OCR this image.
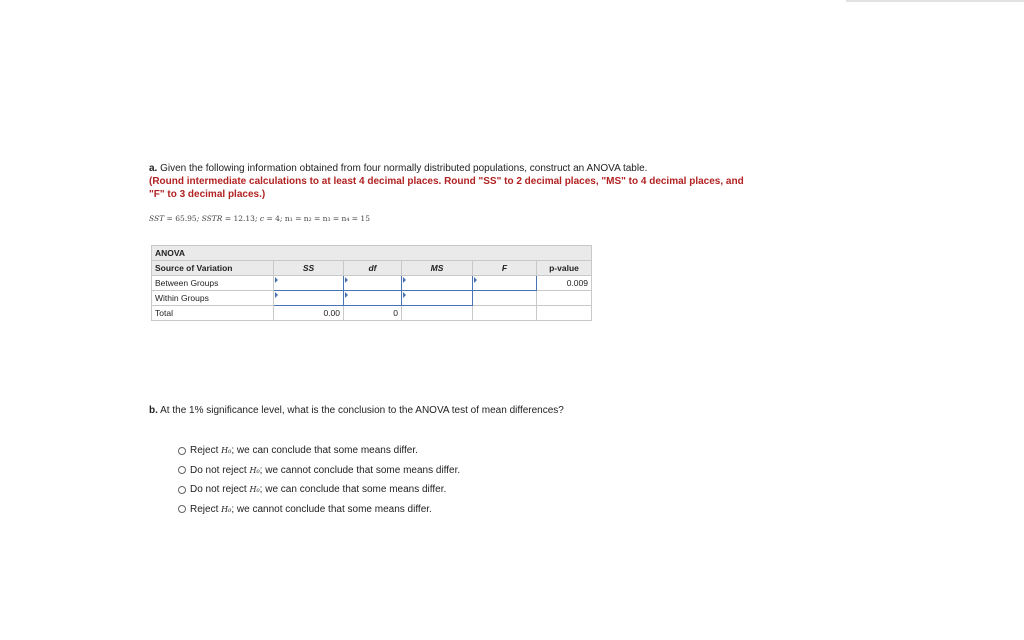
a. Given the following information obtained from four normally distributed populations, construct an ANOVA table.
(Round intermediate calculations to at least 4 decimal places. Round "SS" to 2 decimal places, "MS" to 4 decimal places, and "F" to 3 decimal places.)
SST = 65.95; SSTR = 12.13; c = 4; n₁ = n₂ = n₃ = n₄ = 15
ANOVA					
Source of Variation	SS	df	MS	F	p-value
Between Groups					0.009
Within Groups					
Total	0.00	0			
b. At the 1% significance level, what is the conclusion to the ANOVA test of mean differences?
Reject
H₀ ; we can conclude that some means differ.
Do not reject
H₀ ; we cannot conclude that some means differ.
Do not reject
H₀ ; we can conclude that some means differ.
Reject
H₀ ; we cannot conclude that some means differ.
